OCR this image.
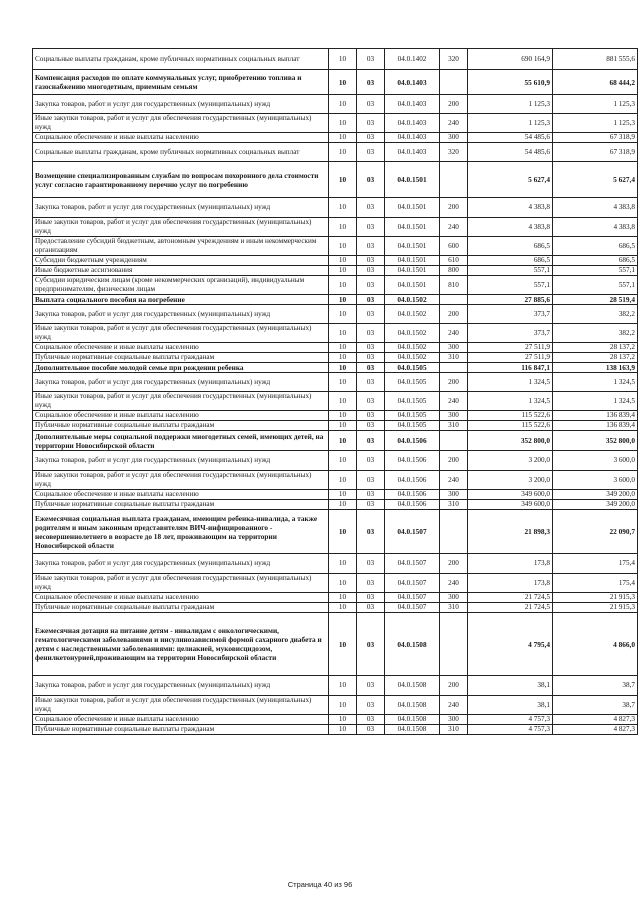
Социальные выплаты гражданам, кроме публичных нормативных социальных выплат	10	03	04.0.1402	320	690 164,9	881 555,6
Компенсация расходов по оплате коммунальных услуг, приобретению топлива и газоснабжению многодетным, приемным семьям	10	03	04.0.1403		55 610,9	68 444,2
Закупка товаров, работ и услуг для государственных (муниципальных) нужд	10	03	04.0.1403	200	1 125,3	1 125,3
Иные закупки товаров, работ и услуг для обеспечения государственных (муниципальных) нужд	10	03	04.0.1403	240	1 125,3	1 125,3
Социальное обеспечение и иные выплаты населению	10	03	04.0.1403	300	54 485,6	67 318,9
Социальные выплаты гражданам, кроме публичных нормативных социальных выплат	10	03	04.0.1403	320	54 485,6	67 318,9
Возмещение специализированным службам по вопросам похоронного дела стоимости услуг согласно гарантированному перечню услуг по погребению	10	03	04.0.1501		5 627,4	5 627,4
Закупка товаров, работ и услуг для государственных (муниципальных) нужд	10	03	04.0.1501	200	4 383,8	4 383,8
Иные закупки товаров, работ и услуг для обеспечения государственных (муниципальных) нужд	10	03	04.0.1501	240	4 383,8	4 383,8
Предоставление субсидий бюджетным, автономным учреждениям и иным некоммерческим организациям	10	03	04.0.1501	600	686,5	686,5
Субсидии бюджетным учреждениям	10	03	04.0.1501	610	686,5	686,5
Иные бюджетные ассигнования	10	03	04.0.1501	800	557,1	557,1
Субсидии юридическим лицам (кроме некоммерческих организаций), индивидуальным предпринимателям, физическим лицам	10	03	04.0.1501	810	557,1	557,1
Выплата социального пособия на погребение	10	03	04.0.1502		27 885,6	28 519,4
Закупка товаров, работ и услуг для государственных (муниципальных) нужд	10	03	04.0.1502	200	373,7	382,2
Иные закупки товаров, работ и услуг для обеспечения государственных (муниципальных) нужд	10	03	04.0.1502	240	373,7	382,2
Социальное обеспечение и иные выплаты населению	10	03	04.0.1502	300	27 511,9	28 137,2
Публичные нормативные социальные выплаты гражданам	10	03	04.0.1502	310	27 511,9	28 137,2
Дополнительное пособие молодой семье при рождении ребенка	10	03	04.0.1505		116 847,1	138 163,9
Закупка товаров, работ и услуг для государственных (муниципальных) нужд	10	03	04.0.1505	200	1 324,5	1 324,5
Иные закупки товаров, работ и услуг для обеспечения государственных (муниципальных) нужд	10	03	04.0.1505	240	1 324,5	1 324,5
Социальное обеспечение и иные выплаты населению	10	03	04.0.1505	300	115 522,6	136 839,4
Публичные нормативные социальные выплаты гражданам	10	03	04.0.1505	310	115 522,6	136 839,4
Дополнительные меры социальной поддержки многодетных семей, имеющих детей, на территории Новосибирской области	10	03	04.0.1506		352 800,0	352 800,0
Закупка товаров, работ и услуг для государственных (муниципальных) нужд	10	03	04.0.1506	200	3 200,0	3 600,0
Иные закупки товаров, работ и услуг для обеспечения государственных (муниципальных) нужд	10	03	04.0.1506	240	3 200,0	3 600,0
Социальное обеспечение и иные выплаты населению	10	03	04.0.1506	300	349 600,0	349 200,0
Публичные нормативные социальные выплаты гражданам	10	03	04.0.1506	310	349 600,0	349 200,0
Ежемесячная социальная выплата гражданам, имеющим ребенка-инвалида, а также родителям и иным законным представителям ВИЧ-инфицированного - несовершеннолетнего в возрасте до 18 лет, проживающим на территории Новосибирской области	10	03	04.0.1507		21 898,3	22 090,7
Закупка товаров, работ и услуг для государственных (муниципальных) нужд	10	03	04.0.1507	200	173,8	175,4
Иные закупки товаров, работ и услуг для обеспечения государственных (муниципальных) нужд	10	03	04.0.1507	240	173,8	175,4
Социальное обеспечение и иные выплаты населению	10	03	04.0.1507	300	21 724,5	21 915,3
Публичные нормативные социальные выплаты гражданам	10	03	04.0.1507	310	21 724,5	21 915,3
Ежемесячная дотация на питание детям - инвалидам с онкологическими, гематологическими заболеваниями и инсулинозависимой формой сахарного диабета и детям с наследственными заболеваниями: целиакией, муковисцидозом, фенилкетонурией,проживающим на территории Новосибирской области	10	03	04.0.1508		4 795,4	4 866,0
Закупка товаров, работ и услуг для государственных (муниципальных) нужд	10	03	04.0.1508	200	38,1	38,7
Иные закупки товаров, работ и услуг для обеспечения государственных (муниципальных) нужд	10	03	04.0.1508	240	38,1	38,7
Социальное обеспечение и иные выплаты населению	10	03	04.0.1508	300	4 757,3	4 827,3
Публичные нормативные социальные выплаты гражданам	10	03	04.0.1508	310	4 757,3	4 827,3
Страница 40 из 96
